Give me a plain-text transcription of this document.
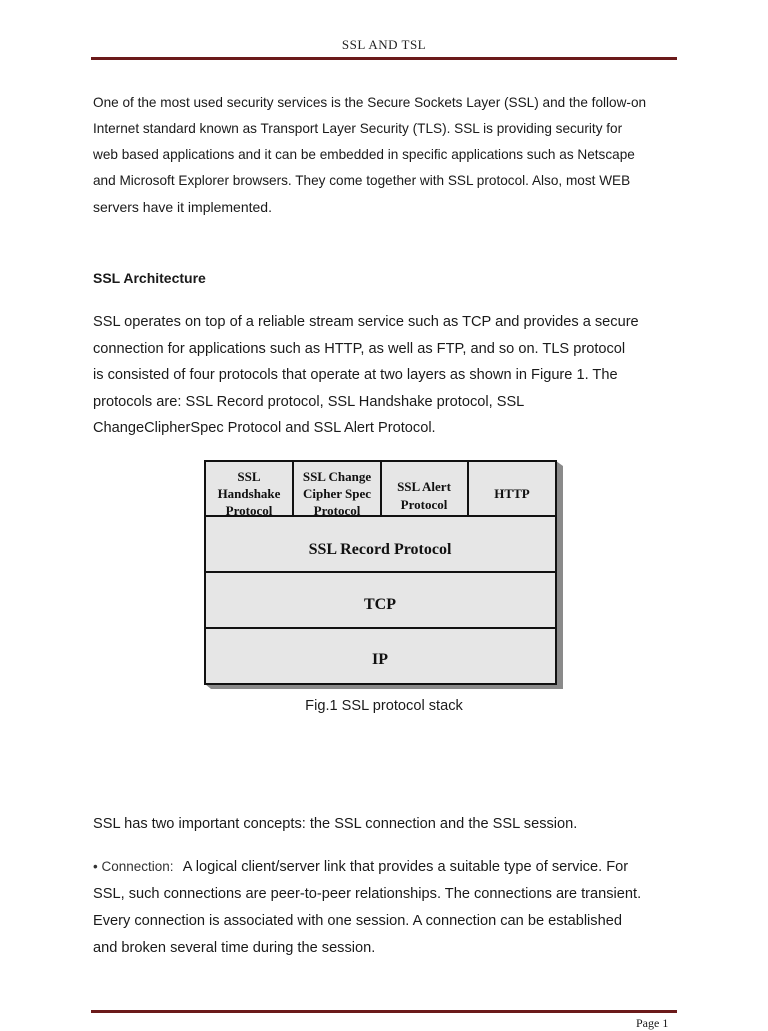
SSL AND TSL
One of the most used security services is the Secure Sockets Layer (SSL) and the follow-on
Internet standard known as Transport Layer Security (TLS). SSL is providing security for
web based applications and it can be embedded in specific applications such as Netscape
and Microsoft Explorer browsers. They come together with SSL protocol. Also, most WEB
servers have it implemented.
SSL Architecture
SSL operates on top of a reliable stream service such as TCP and provides a secure
connection for applications such as HTTP, as well as FTP, and so on. TLS protocol
is consisted of four protocols that operate at two layers as shown in Figure 1. The
protocols are: SSL Record protocol, SSL Handshake protocol, SSL
ChangeClipherSpec Protocol and SSL Alert Protocol.
SSL
Handshake
Protocol
SSL Change
Cipher Spec
Protocol
SSL Alert
Protocol
HTTP
SSL Record Protocol
TCP
IP
Fig.1 SSL protocol stack
SSL has two important concepts: the SSL connection and the SSL session.
• Connection: A logical client/server link that provides a suitable type of service. For
SSL, such connections are peer-to-peer relationships. The connections are transient.
Every connection is associated with one session. A connection can be established
and broken several time during the session.
Page 1
